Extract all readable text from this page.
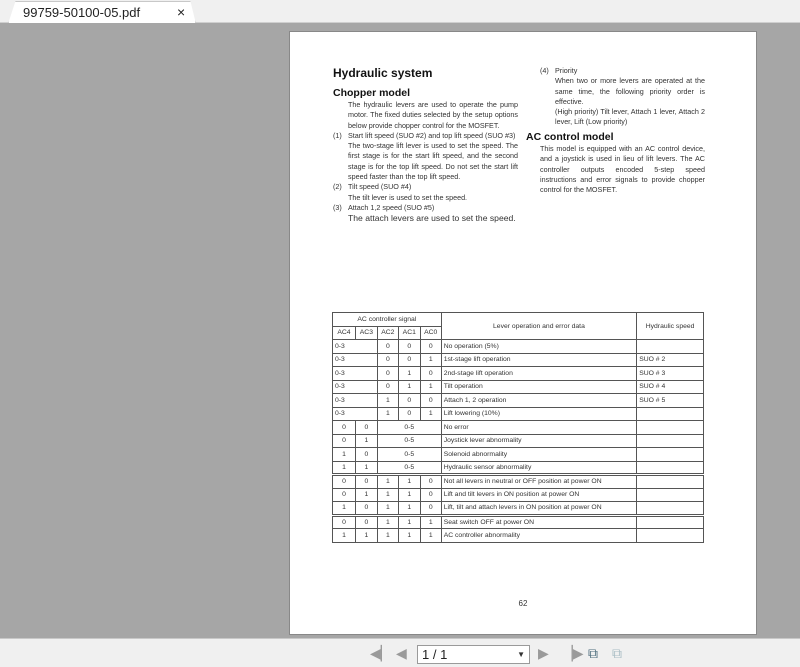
99759-50100-05.pdf	×
Hydraulic system
Chopper model
The hydraulic levers are used to operate the pump motor. The fixed duties selected by the setup options below provide chopper control for the MOSFET.
(1) Start lift speed (SUO #2) and top lift speed (SUO #3)
The two-stage lift lever is used to set the speed. The first stage is for the start lift speed, and the second stage is for the top lift speed. Do not set the start lift speed faster than the top lift speed.
(2) Tilt speed (SUO #4)
The tilt lever is used to set the speed.
(3) Attach 1,2 speed (SUO #5)
The attach levers are used to set the speed.
(4) Priority
When two or more levers are operated at the same time, the following priority order is effective.
(High priority) Tilt lever, Attach 1 lever, Attach 2 lever, Lift (Low priority)
AC control model
This model is equipped with an AC control device, and a joystick is used in lieu of lift levers. The AC controller outputs encoded 5-step speed instructions and error signals to provide chopper control for the MOSFET.
AC controller signal					Lever operation and error data	Hydraulic speed
AC4	AC3	AC2	AC1	AC0		
0-3		0	0	0	No operation (5%)	
0-3		0	0	1	1st-stage lift operation	SUO # 2
0-3		0	1	0	2nd-stage lift operation	SUO # 3
0-3		0	1	1	Tilt operation	SUO # 4
0-3		1	0	0	Attach 1, 2 operation	SUO # 5
0-3		1	0	1	Lift lowering (10%)	
0	0	0-5			No error	
0	1	0-5			Joystick lever abnormality	
1	0	0-5			Solenoid abnormality	
1	1	0-5			Hydraulic sensor abnormality	
0	0	1	1	0	Not all levers in neutral or OFF position at power ON	
0	1	1	1	0	Lift and tilt levers in ON position at power ON	
1	0	1	1	0	Lift, tilt and attach levers in ON position at power ON	
0	0	1	1	1	Seat switch OFF at power ON	
1	1	1	1	1	AC controller abnormality	
62
◀▏ ◀	1 / 1	▼ ▶ ▕▶ ⧉ ⧉
